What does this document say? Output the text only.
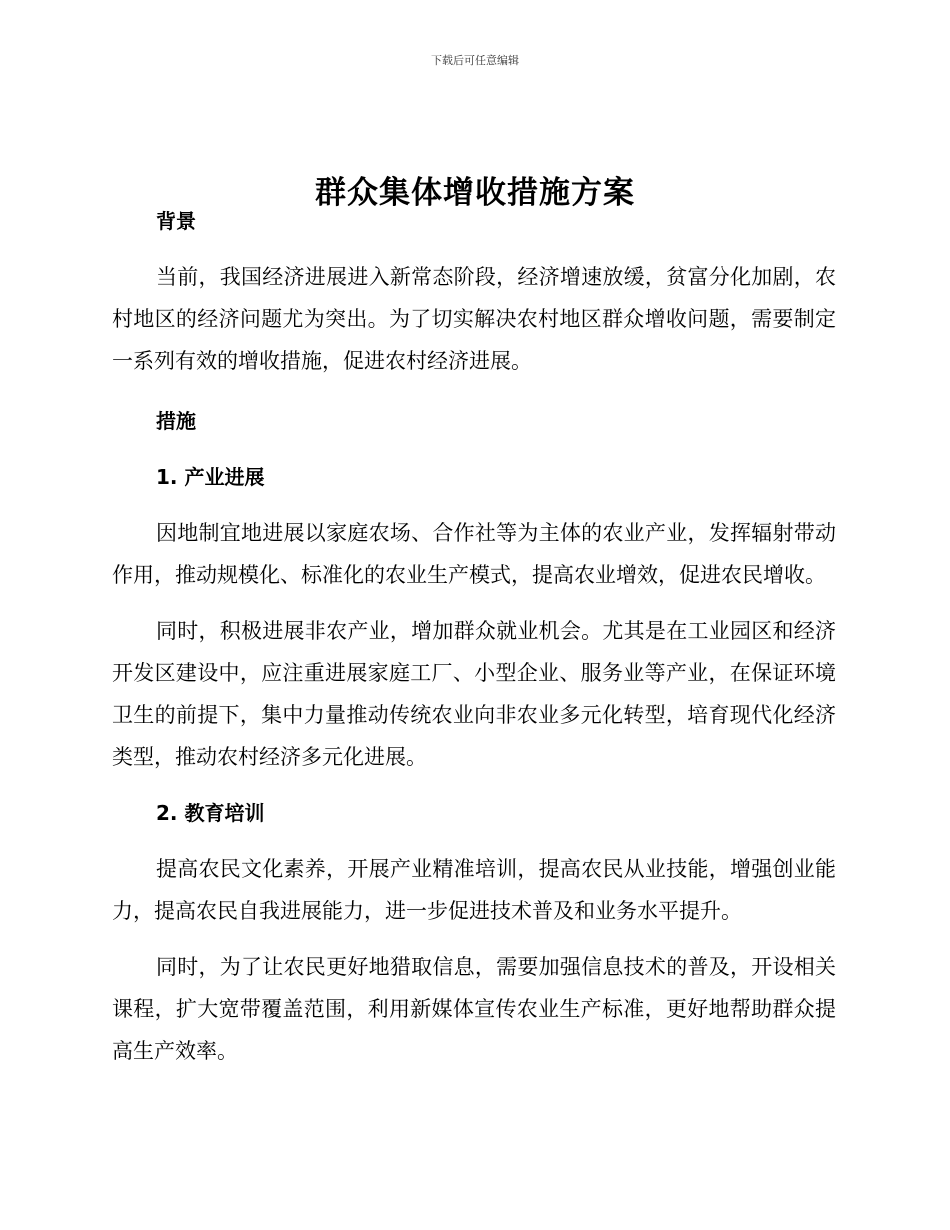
下载后可任意编辑
群众集体增收措施方案
背景

当前，我国经济进展进入新常态阶段，经济增速放缓，贫富分化加剧，农村地区的经济问题尤为突出。为了切实解决农村地区群众增收问题，需要制定一系列有效的增收措施，促进农村经济进展。

措施
1. 产业进展

因地制宜地进展以家庭农场、合作社等为主体的农业产业，发挥辐射带动作用，推动规模化、标准化的农业生产模式，提高农业增效，促进农民增收。

同时，积极进展非农产业，增加群众就业机会。尤其是在工业园区和经济开发区建设中，应注重进展家庭工厂、小型企业、服务业等产业，在保证环境卫生的前提下，集中力量推动传统农业向非农业多元化转型，培育现代化经济类型，推动农村经济多元化进展。

2. 教育培训

提高农民文化素养，开展产业精准培训，提高农民从业技能，增强创业能力，提高农民自我进展能力，进一步促进技术普及和业务水平提升。

同时，为了让农民更好地猎取信息，需要加强信息技术的普及，开设相关课程，扩大宽带覆盖范围，利用新媒体宣传农业生产标准，更好地帮助群众提高生产效率。
